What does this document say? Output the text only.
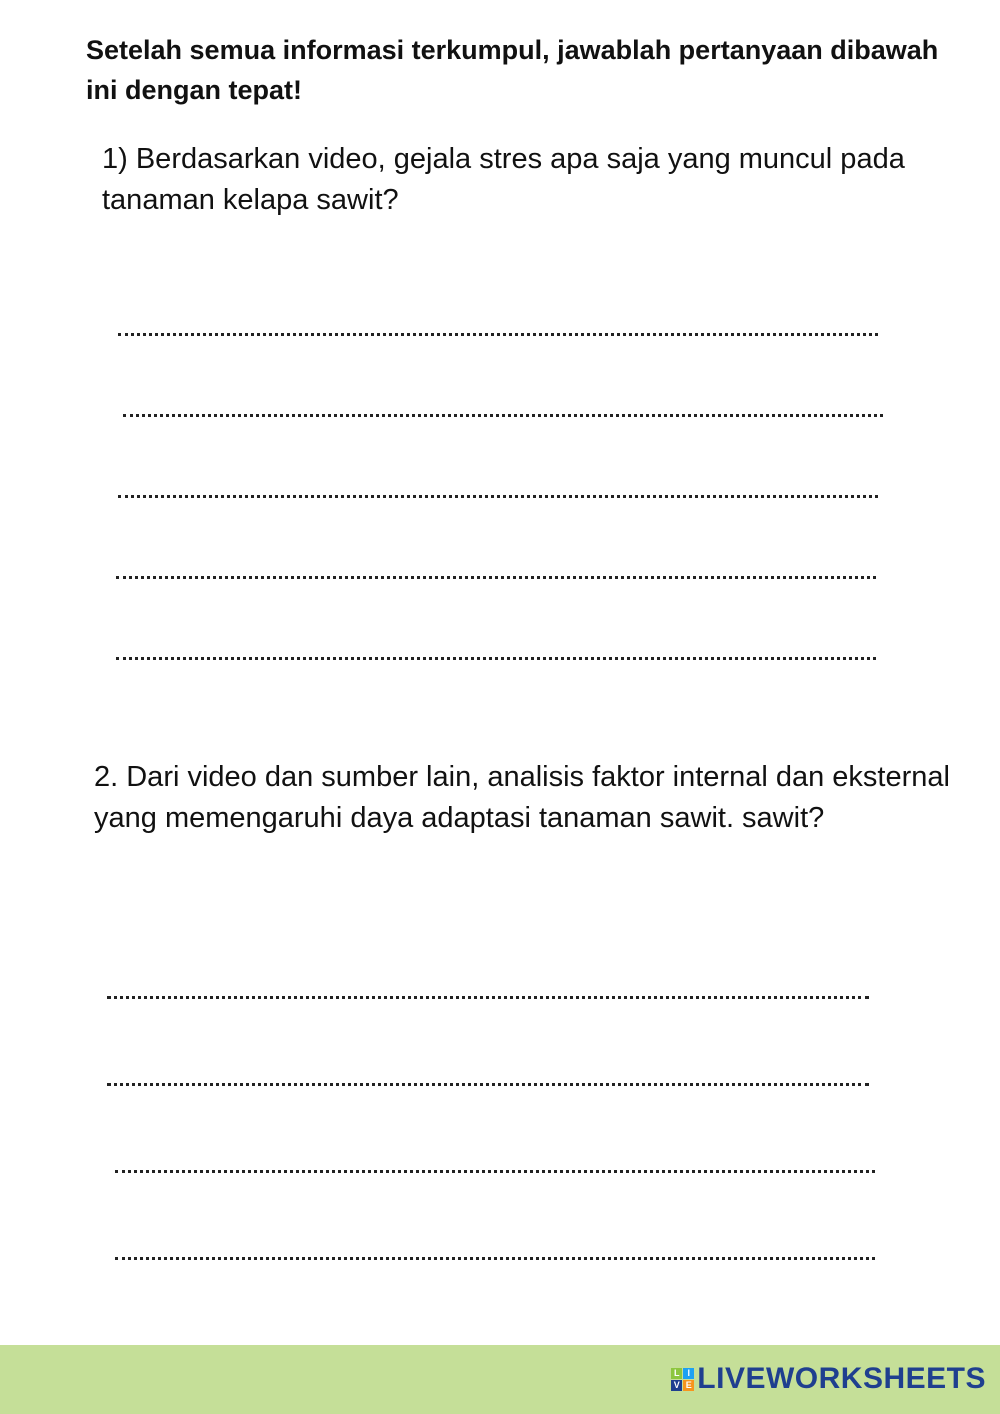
Setelah semua informasi terkumpul, jawablah pertanyaan dibawah ini dengan tepat!

1) Berdasarkan video, gejala stres apa saja yang muncul pada tanaman kelapa sawit?

2. Dari video dan sumber lain, analisis faktor internal dan eksternal yang memengaruhi daya adaptasi tanaman sawit. sawit?

L I
V E LIVEWORKSHEETS
